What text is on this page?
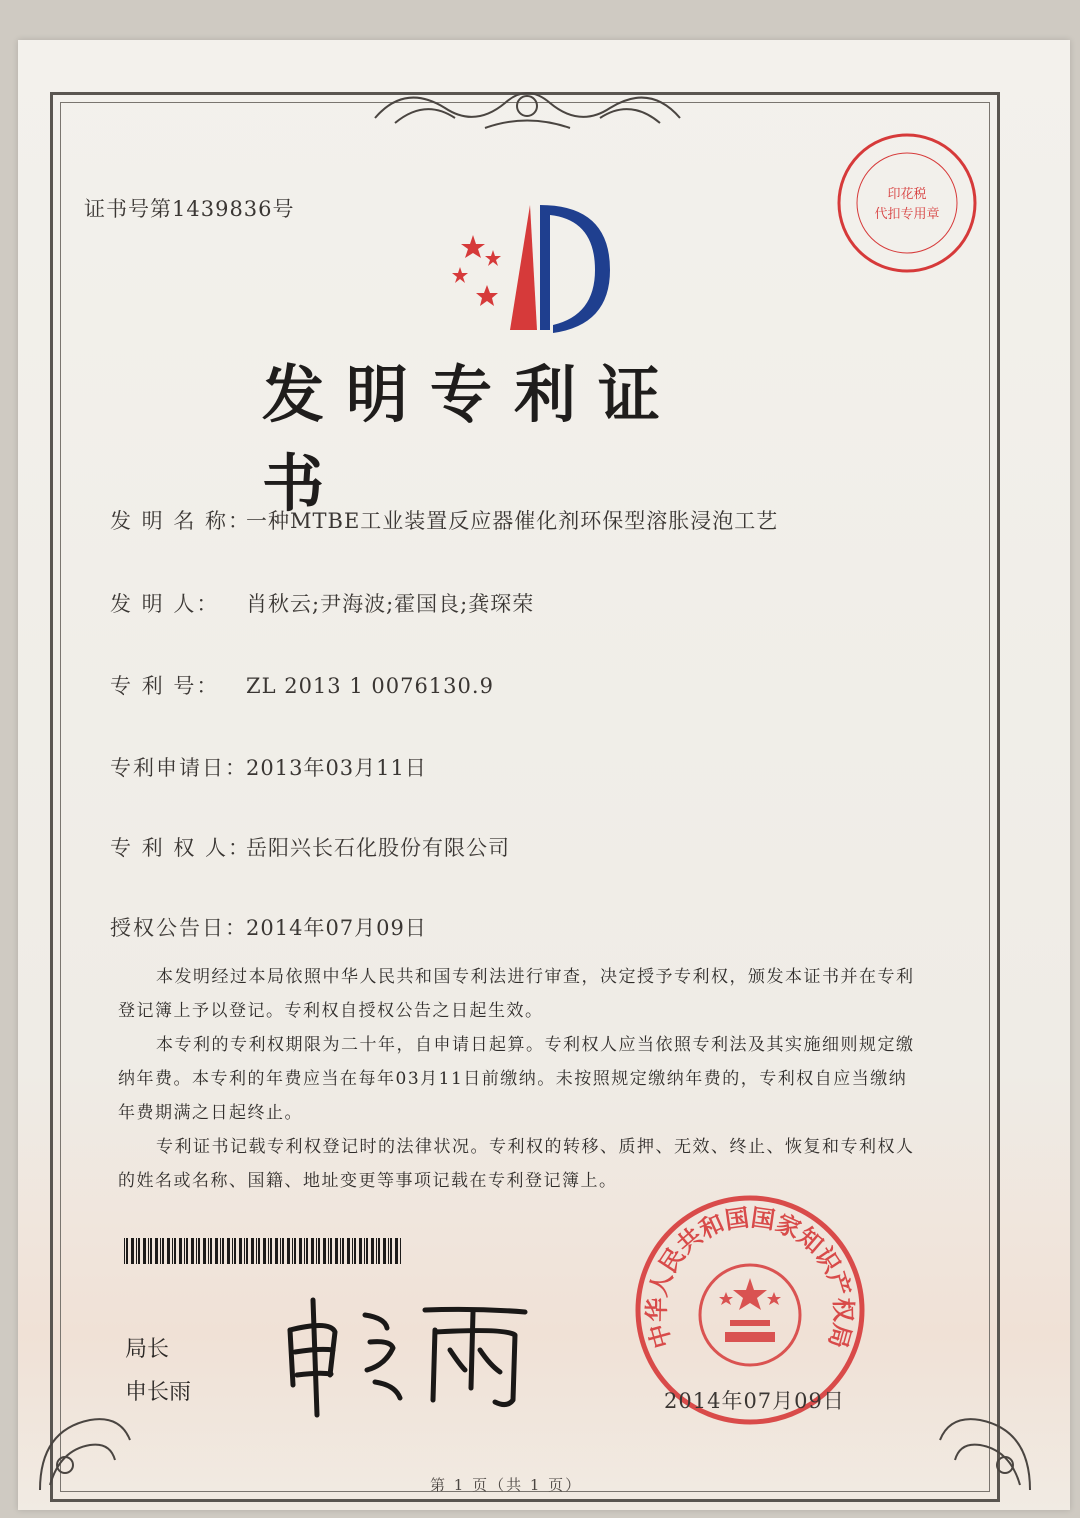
证书号第1439836号
印花税
代扣专用章
发明专利证书
发 明 名 称：一种MTBE工业装置反应器催化剂环保型溶胀浸泡工艺
发 明 人： 肖秋云;尹海波;霍国良;龚琛荣
专 利 号： ZL 2013 1 0076130.9
专利申请日：2013年03月11日
专 利 权 人：岳阳兴长石化股份有限公司
授权公告日：2014年07月09日

本发明经过本局依照中华人民共和国专利法进行审查，决定授予专利权，颁发本证书并在专利登记簿上予以登记。专利权自授权公告之日起生效。

本专利的专利权期限为二十年，自申请日起算。专利权人应当依照专利法及其实施细则规定缴纳年费。本专利的年费应当在每年03月11日前缴纳。未按照规定缴纳年费的，专利权自应当缴纳年费期满之日起终止。

专利证书记载专利权登记时的法律状况。专利权的转移、质押、无效、终止、恢复和专利权人的姓名或名称、国籍、地址变更等事项记载在专利登记簿上。

局长
申长雨
中华人民共和国国家知识产权局
2014年07月09日
第 1 页（共 1 页）
